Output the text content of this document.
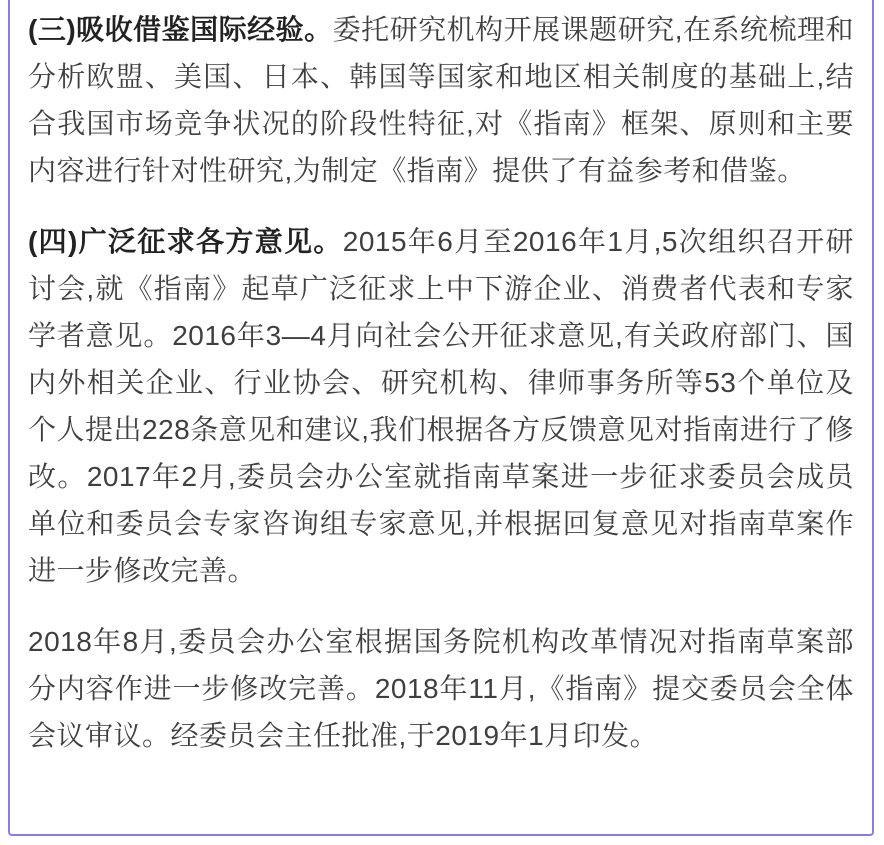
(三)吸收借鉴国际经验。委托研究机构开展课题研究,在系统梳理和分析欧盟、美国、日本、韩国等国家和地区相关制度的基础上,结合我国市场竞争状况的阶段性特征,对《指南》框架、原则和主要内容进行针对性研究,为制定《指南》提供了有益参考和借鉴。

(四)广泛征求各方意见。2015年6月至2016年1月,5次组织召开研讨会,就《指南》起草广泛征求上中下游企业、消费者代表和专家学者意见。2016年3—4月向社会公开征求意见,有关政府部门、国内外相关企业、行业协会、研究机构、律师事务所等53个单位及个人提出228条意见和建议,我们根据各方反馈意见对指南进行了修改。2017年2月,委员会办公室就指南草案进一步征求委员会成员单位和委员会专家咨询组专家意见,并根据回复意见对指南草案作进一步修改完善。

2018年8月,委员会办公室根据国务院机构改革情况对指南草案部分内容作进一步修改完善。2018年11月,《指南》提交委员会全体会议审议。经委员会主任批准,于2019年1月印发。
